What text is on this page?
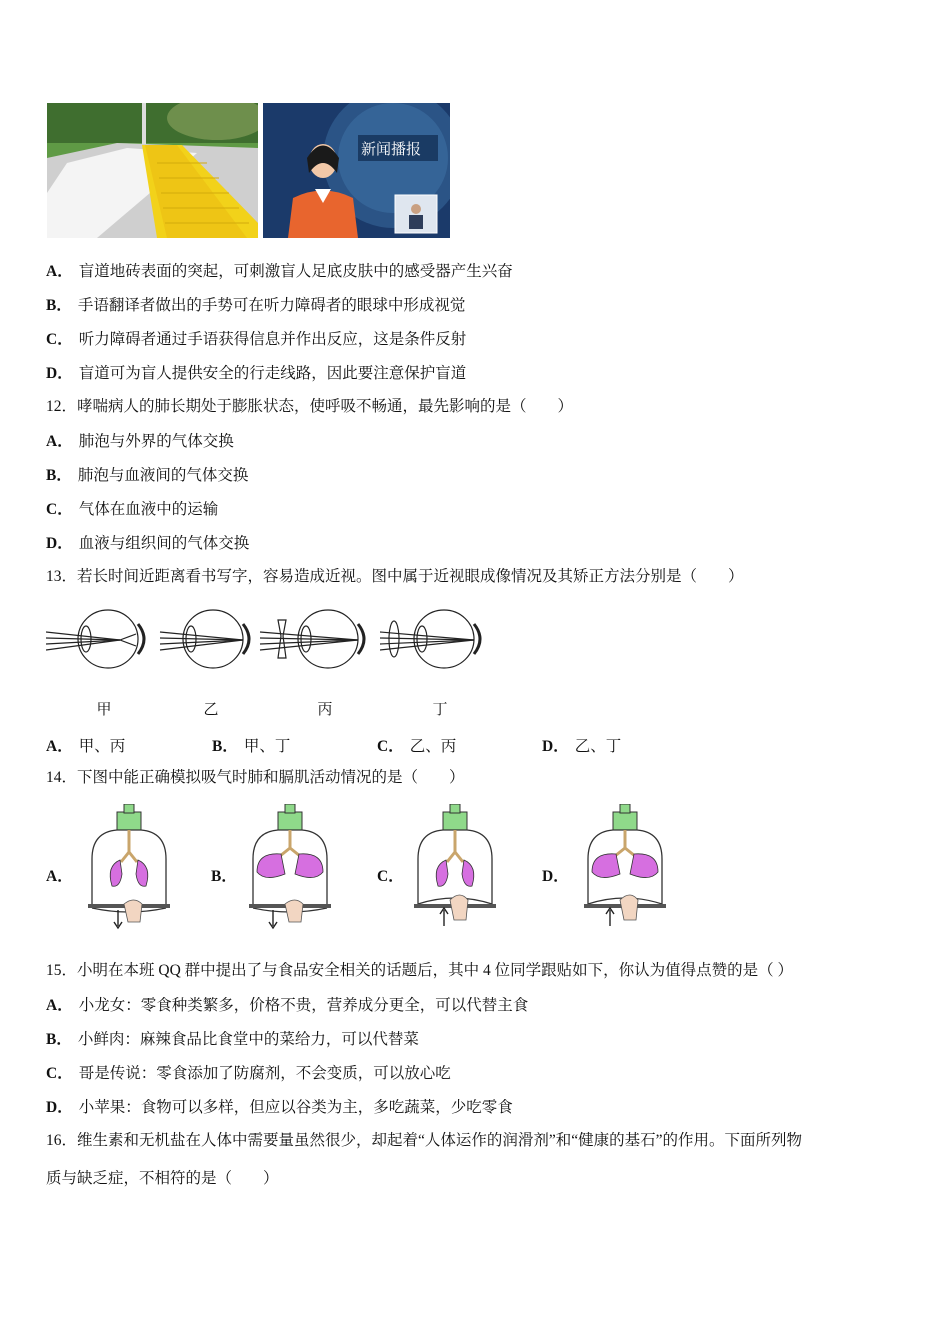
新闻播报
A． 盲道地砖表面的突起，可刺激盲人足底皮肤中的感受器产生兴奋
B． 手语翻译者做出的手势可在听力障碍者的眼球中形成视觉
C． 听力障碍者通过手语获得信息并作出反应，这是条件反射
D． 盲道可为盲人提供安全的行走线路，因此要注意保护盲道
12．哮喘病人的肺长期处于膨胀状态，使呼吸不畅通，最先影响的是（　　）
A． 肺泡与外界的气体交换
B． 肺泡与血液间的气体交换
C． 气体在血液中的运输
D． 血液与组织间的气体交换
13．若长时间近距离看书写字，容易造成近视。图中属于近视眼成像情况及其矫正方法分别是（　　）
甲	乙	丙	丁
A． 甲、丙	B． 甲、丁	C． 乙、丙	D． 乙、丁
14．下图中能正确模拟吸气时肺和膈肌活动情况的是（　　）
A．	B．	C．	D．
15．小明在本班 QQ 群中提出了与食品安全相关的话题后，其中 4 位同学跟贴如下，你认为值得点赞的是（ ）
A． 小龙女：零食种类繁多，价格不贵，营养成分更全，可以代替主食
B． 小鲜肉：麻辣食品比食堂中的菜给力，可以代替菜
C． 哥是传说：零食添加了防腐剂，不会变质，可以放心吃
D． 小苹果：食物可以多样，但应以谷类为主，多吃蔬菜，少吃零食
16．维生素和无机盐在人体中需要量虽然很少，却起着“人体运作的润滑剂”和“健康的基石”的作用。下面所列物
质与缺乏症，不相符的是（　　）
